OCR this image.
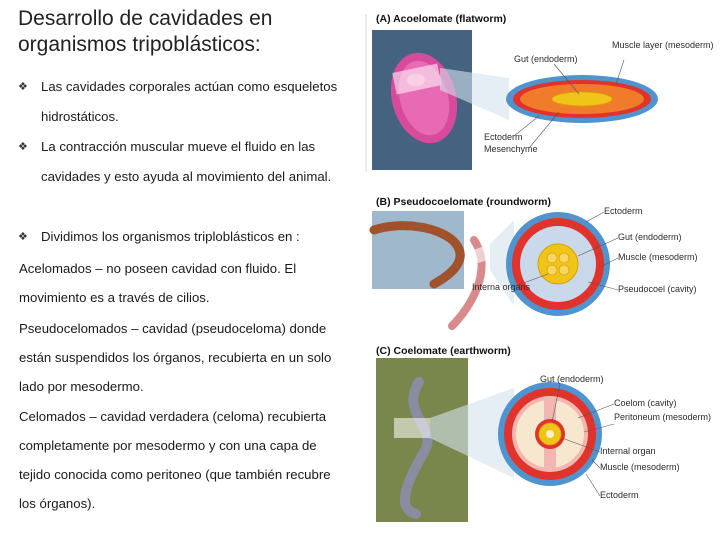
Desarrollo de cavidades en organismos tripoblásticos:
❖ Las cavidades corporales actúan como esqueletos hidrostáticos.
❖ La contracción muscular mueve el fluido en las cavidades y esto ayuda al movimiento del animal.
❖ Dividimos los organismos triploblásticos en :
Acelomados – no poseen cavidad con fluido. El movimiento es a través de cilios.
Pseudocelomados – cavidad (pseudoceloma) donde están suspendidos los órganos, recubierta en un solo lado por mesodermo.
Celomados – cavidad verdadera (celoma) recubierta completamente por mesodermo y con una capa de tejido conocida como peritoneo (que también recubre los órganos).
(A) Acoelomate (flatworm)
Gut (endoderm)
Muscle layer (mesoderm)
Ectoderm
Mesenchyme
(B) Pseudocoelomate (roundworm)
Ectoderm
Gut (endoderm)
Muscle (mesoderm)
Pseudocoel (cavity)
Interna organs
(C) Coelomate (earthworm)
Gut (endoderm)
Coelom (cavity)
Peritoneum (mesoderm)
Internal organ
Muscle (mesoderm)
Ectoderm
